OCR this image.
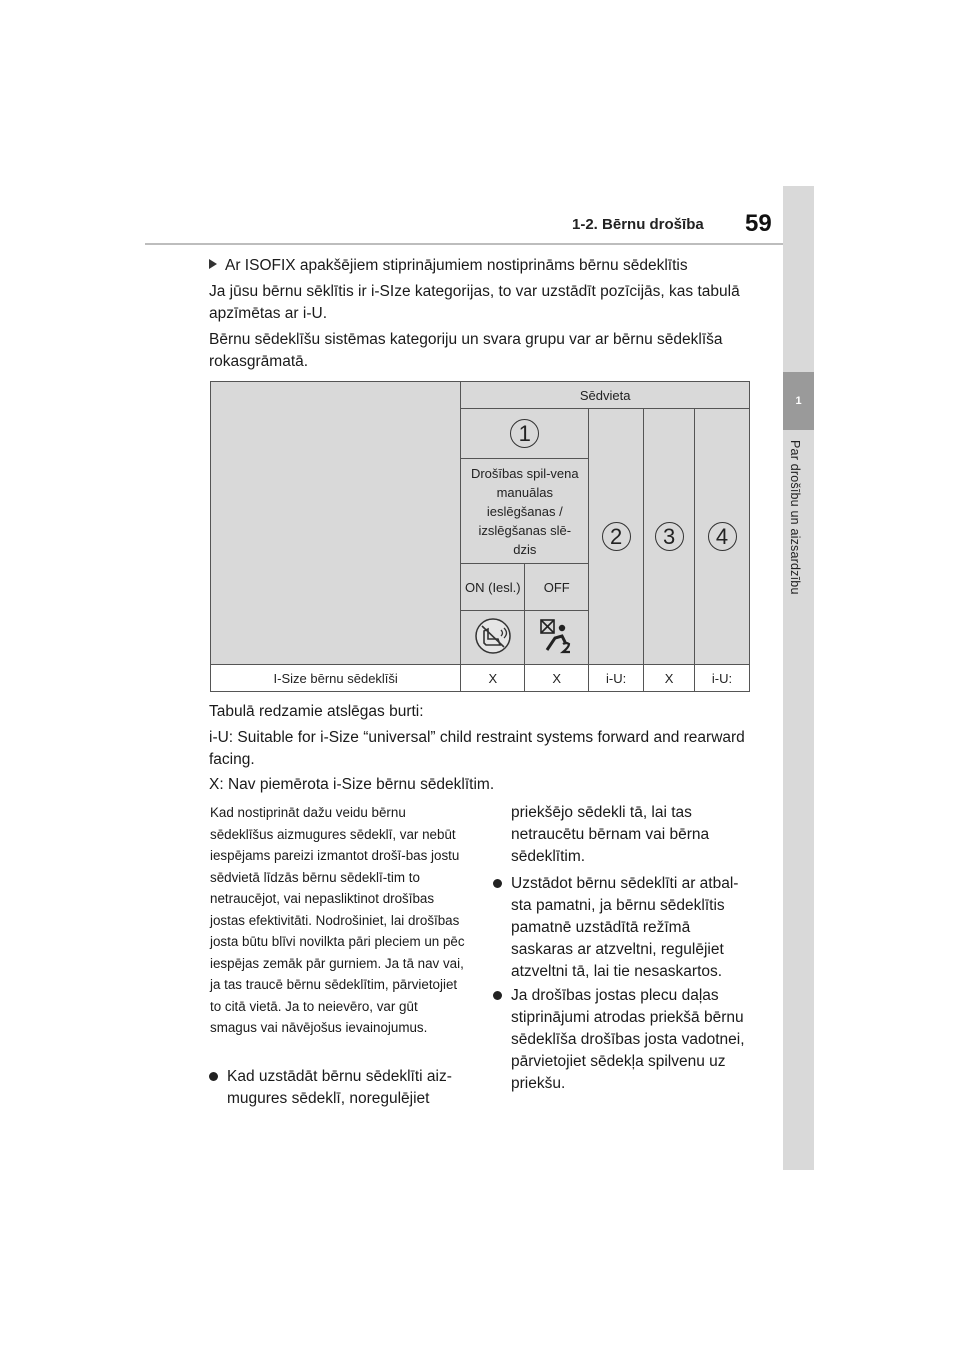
1-2. Bērnu drošība 59
1
Par drošību un aizsardzību
Ar ISOFIX apakšējiem stiprinājumiem nostiprināms bērnu sēdeklītis

Ja jūsu bērnu sēklītis ir i-SIze kategorijas, to var uzstādīt pozīcijās, kas tabulā apzīmētas ar i-U.

Bērnu sēdeklīšu sistēmas kategoriju un svara grupu var ar bērnu sēdeklīša rokasgrāmatā.

	Sēdvieta				
	1		2	3	4
	Drošības spil-vena manuālas ieslēgšanas / izslēgšanas slē-dzis				
	ON (Iesl.)	OFF			

I-Size bērnu sēdeklīši	X	X	i-U:	X	i-U:

Tabulā redzamie atslēgas burti:

i-U: Suitable for i-Size “universal” child restraint systems forward and rearward facing.

X: Nav piemērota i-Size bērnu sēdeklītim.

Kad nostiprināt dažu veidu bērnu sēdeklīšus aizmugures sēdeklī, var nebūt iespējams pareizi izmantot drošī-bas jostu sēdvietā līdzās bērnu sēdeklī-tim to netraucējot, vai nepasliktinot drošības jostas efektivitāti. Nodrošiniet, lai drošības josta būtu blīvi novilkta pāri pleciem un pēc iespējas zemāk pār gurniem. Ja tā nav vai, ja tas traucē bērnu sēdeklītim, pārvietojiet to citā vietā. Ja to neievēro, var gūt smagus vai nāvējošus ievainojumus.

Kad uzstādāt bērnu sēdeklīti aiz-mugures sēdeklī, noregulējiet
priekšējo sēdekli tā, lai tas netraucētu bērnam vai bērna sēdeklītim.
Uzstādot bērnu sēdeklīti ar atbal-sta pamatni, ja bērnu sēdeklītis pamatnē uzstādītā režīmā saskaras ar atzveltni, regulējiet atzveltni tā, lai tie nesaskartos.
Ja drošības jostas plecu daļas stiprinājumi atrodas priekšā bērnu sēdeklīša drošības josta vadotnei, pārvietojiet sēdekļa spilvenu uz priekšu.
